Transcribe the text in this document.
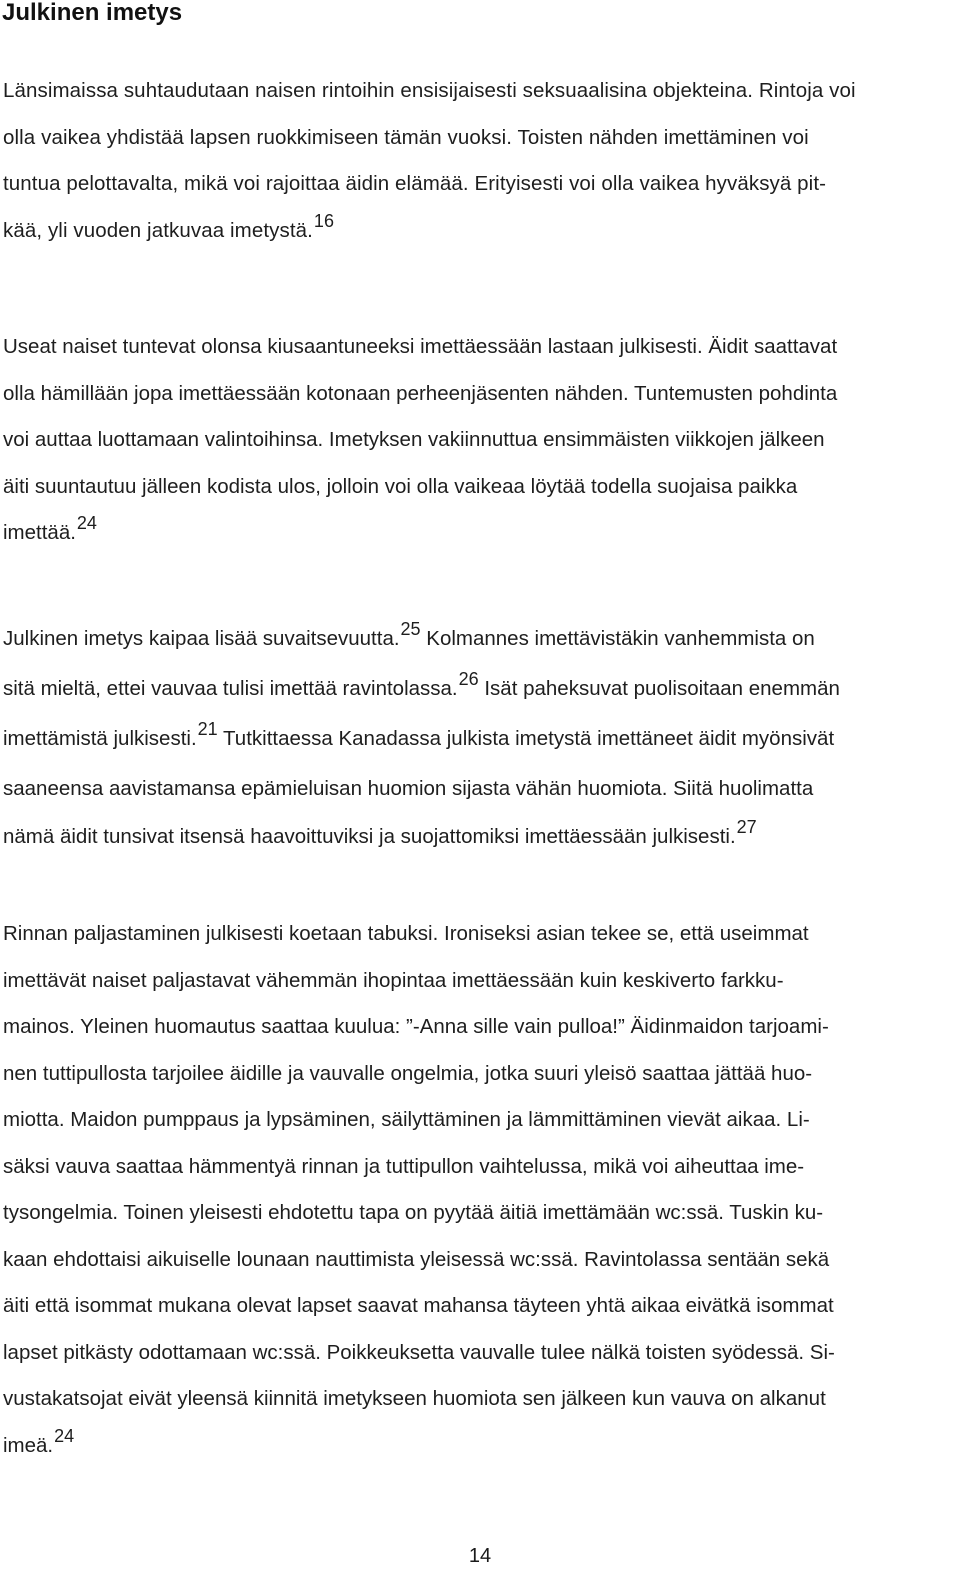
Julkinen imetys

Länsimaissa suhtaudutaan naisen rintoihin ensisijaisesti seksuaalisina objekteina. Rintoja voi
olla vaikea yhdistää lapsen ruokkimiseen tämän vuoksi. Toisten nähden imettäminen voi
tuntua pelottavalta, mikä voi rajoittaa äidin elämää. Erityisesti voi olla vaikea hyväksyä pit-
kää, yli vuoden jatkuvaa imetystä.$^{16}$

Useat naiset tuntevat olonsa kiusaantuneeksi imettäessään lastaan julkisesti. Äidit saattavat
olla hämillään jopa imettäessään kotonaan perheenjäsenten nähden. Tuntemusten pohdinta
voi auttaa luottamaan valintoihinsa. Imetyksen vakiinnuttua ensimmäisten viikkojen jälkeen
äiti suuntautuu jälleen kodista ulos, jolloin voi olla vaikeaa löytää todella suojaisa paikka
imettää.$^{24}$

Julkinen imetys kaipaa lisää suvaitsevuutta.$^{25}$ Kolmannes imettävistäkin vanhemmista on
sitä mieltä, ettei vauvaa tulisi imettää ravintolassa.$^{26}$ Isät paheksuvat puolisoitaan enemmän
imettämistä julkisesti.$^{21}$ Tutkittaessa Kanadassa julkista imetystä imettäneet äidit myönsivät
saaneensa aavistamansa epämieluisan huomion sijasta vähän huomiota. Siitä huolimatta
nämä äidit tunsivat itsensä haavoittuviksi ja suojattomiksi imettäessään julkisesti.$^{27}$

Rinnan paljastaminen julkisesti koetaan tabuksi. Ironiseksi asian tekee se, että useimmat
imettävät naiset paljastavat vähemmän ihopintaa imettäessään kuin keskiverto farkku-
mainos. Yleinen huomautus saattaa kuulua: ”-Anna sille vain pulloa!” Äidinmaidon tarjoami-
nen tuttipullosta tarjoilee äidille ja vauvalle ongelmia, jotka suuri yleisö saattaa jättää huo-
miotta. Maidon pumppaus ja lypsäminen, säilyttäminen ja lämmittäminen vievät aikaa. Li-
säksi vauva saattaa hämmentyä rinnan ja tuttipullon vaihtelussa, mikä voi aiheuttaa ime-
tysongelmia. Toinen yleisesti ehdotettu tapa on pyytää äitiä imettämään wc:ssä. Tuskin ku-
kaan ehdottaisi aikuiselle lounaan nauttimista yleisessä wc:ssä. Ravintolassa sentään sekä
äiti että isommat mukana olevat lapset saavat mahansa täyteen yhtä aikaa eivätkä isommat
lapset pitkästy odottamaan wc:ssä. Poikkeuksetta vauvalle tulee nälkä toisten syödessä. Si-
vustakatsojat eivät yleensä kiinnitä imetykseen huomiota sen jälkeen kun vauva on alkanut
imeä.$^{24}$

14
